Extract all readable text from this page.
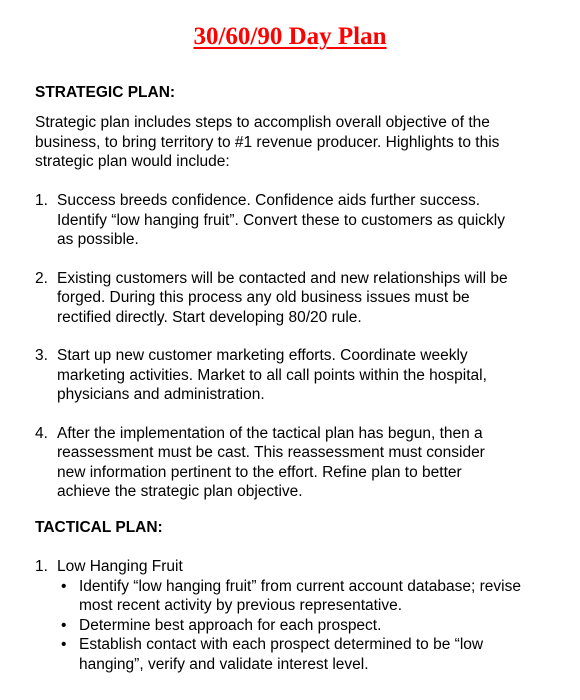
30/60/90 Day Plan
STRATEGIC PLAN:

Strategic plan includes steps to accomplish overall objective of the
business, to bring territory to #1 revenue producer. Highlights to this
strategic plan would include:

1. Success breeds confidence. Confidence aids further success.
Identify “low hanging fruit”. Convert these to customers as quickly
as possible.
2. Existing customers will be contacted and new relationships will be
forged. During this process any old business issues must be
rectified directly. Start developing 80/20 rule.
3. Start up new customer marketing efforts. Coordinate weekly
marketing activities. Market to all call points within the hospital,
physicians and administration.
4. After the implementation of the tactical plan has begun, then a
reassessment must be cast. This reassessment must consider
new information pertinent to the effort. Refine plan to better
achieve the strategic plan objective.
TACTICAL PLAN:
1. Low Hanging Fruit
• Identify “low hanging fruit” from current account database; revise
most recent activity by previous representative.
• Determine best approach for each prospect.
• Establish contact with each prospect determined to be “low
hanging”, verify and validate interest level.
